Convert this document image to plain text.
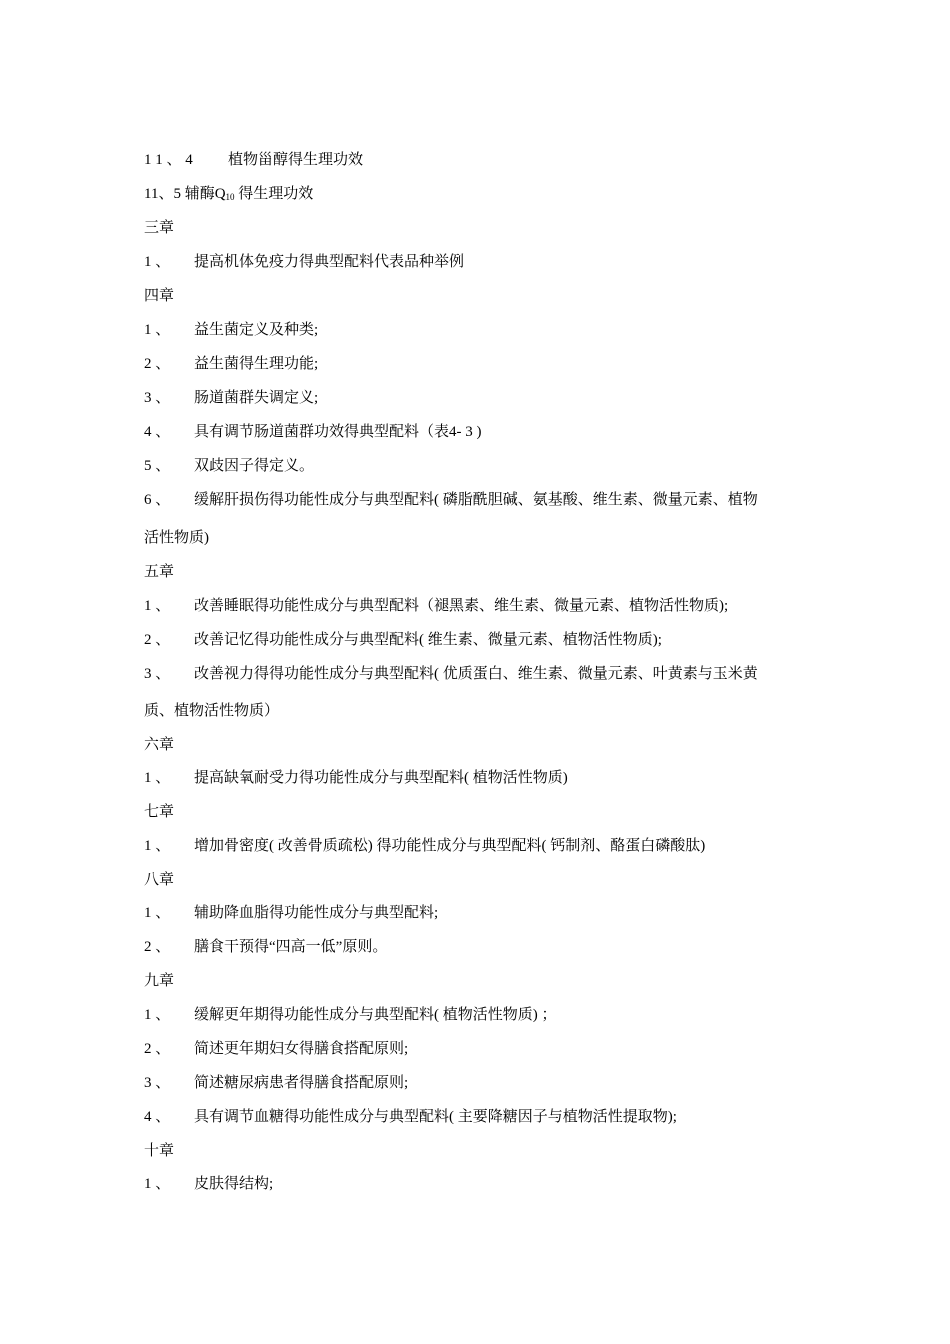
1 1 、 4 植物甾醇得生理功效
11、5 辅酶$Q_{10}$ 得生理功效
三章
1 、 提高机体免疫力得典型配料代表品种举例
四章
1 、 益生菌定义及种类;
2 、 益生菌得生理功能;
3 、 肠道菌群失调定义;
4 、 具有调节肠道菌群功效得典型配料（表4- 3 )
5 、 双歧因子得定义。
6 、 缓解肝损伤得功能性成分与典型配料( 磷脂酰胆碱、氨基酸、维生素、微量元素、植物
活性物质)
五章
1 、 改善睡眠得功能性成分与典型配料（褪黑素、维生素、微量元素、植物活性物质);
2 、 改善记忆得功能性成分与典型配料( 维生素、微量元素、植物活性物质);
3 、 改善视力得得功能性成分与典型配料( 优质蛋白、维生素、微量元素、叶黄素与玉米黄
质、植物活性物质）
六章
1 、 提高缺氧耐受力得功能性成分与典型配料( 植物活性物质)
七章
1 、 增加骨密度( 改善骨质疏松) 得功能性成分与典型配料( 钙制剂、酪蛋白磷酸肽)
八章
1 、 辅助降血脂得功能性成分与典型配料;
2 、 膳食干预得“四高一低”原则。
九章
1 、 缓解更年期得功能性成分与典型配料( 植物活性物质) ；
2 、 简述更年期妇女得膳食搭配原则;
3 、 简述糖尿病患者得膳食搭配原则;
4 、 具有调节血糖得功能性成分与典型配料( 主要降糖因子与植物活性提取物);
十章
1 、 皮肤得结构;
